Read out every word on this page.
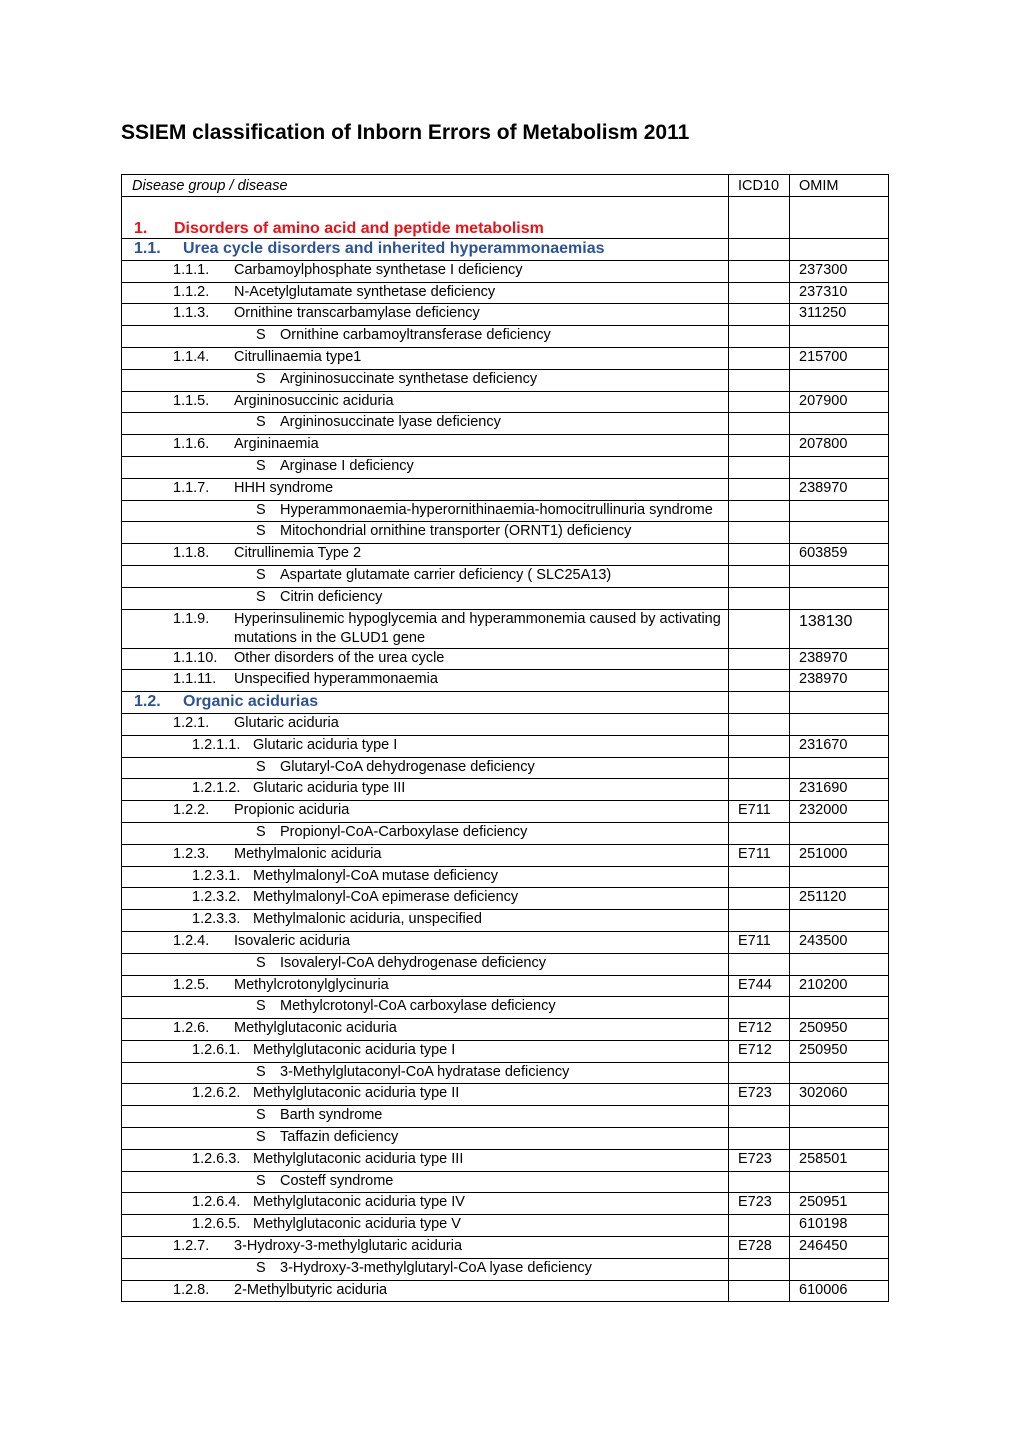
SSIEM classification of Inborn Errors of Metabolism 2011
Disease group / disease	ICD10	OMIM

1. Disorders of amino acid and peptide metabolism		

1.1. Urea cycle disorders and inherited hyperammonaemias		

1.1.1. Carbamoylphosphate synthetase I deficiency		237300

1.1.2. N-Acetylglutamate synthetase deficiency		237310

1.1.3. Ornithine transcarbamylase deficiency		311250

S Ornithine carbamoyltransferase deficiency		

1.1.4. Citrullinaemia type1		215700

S Argininosuccinate synthetase deficiency		

1.1.5. Argininosuccinic aciduria		207900

S Argininosuccinate lyase deficiency		

1.1.6. Argininaemia		207800

S Arginase I deficiency		

1.1.7. HHH syndrome		238970

S Hyperammonaemia-hyperornithinaemia-homocitrullinuria syndrome		

S Mitochondrial ornithine transporter (ORNT1) deficiency		

1.1.8. Citrullinemia Type 2		603859

S Aspartate glutamate carrier deficiency ( SLC25A13)		

S Citrin deficiency		

1.1.9. Hyperinsulinemic hypoglycemia and hyperammonemia caused by activating mutations in the GLUD1 gene		138130

1.1.10. Other disorders of the urea cycle		238970

1.1.11. Unspecified hyperammonaemia		238970

1.2. Organic acidurias		

1.2.1. Glutaric aciduria		

1.2.1.1. Glutaric aciduria type I		231670

S Glutaryl-CoA dehydrogenase deficiency		

1.2.1.2. Glutaric aciduria type III		231690

1.2.2. Propionic aciduria	E711	232000

S Propionyl-CoA-Carboxylase deficiency		

1.2.3. Methylmalonic aciduria	E711	251000

1.2.3.1. Methylmalonyl-CoA mutase deficiency		

1.2.3.2. Methylmalonyl-CoA epimerase deficiency		251120

1.2.3.3. Methylmalonic aciduria, unspecified		

1.2.4. Isovaleric aciduria	E711	243500

S Isovaleryl-CoA dehydrogenase deficiency		

1.2.5. Methylcrotonylglycinuria	E744	210200

S Methylcrotonyl-CoA carboxylase deficiency		

1.2.6. Methylglutaconic aciduria	E712	250950

1.2.6.1. Methylglutaconic aciduria type I	E712	250950

S 3-Methylglutaconyl-CoA hydratase deficiency		

1.2.6.2. Methylglutaconic aciduria type II	E723	302060

S Barth syndrome		

S Taffazin deficiency		

1.2.6.3. Methylglutaconic aciduria type III	E723	258501

S Costeff syndrome		

1.2.6.4. Methylglutaconic aciduria type IV	E723	250951

1.2.6.5. Methylglutaconic aciduria type V		610198

1.2.7. 3-Hydroxy-3-methylglutaric aciduria	E728	246450

S 3-Hydroxy-3-methylglutaryl-CoA lyase deficiency		

1.2.8. 2-Methylbutyric aciduria		610006
